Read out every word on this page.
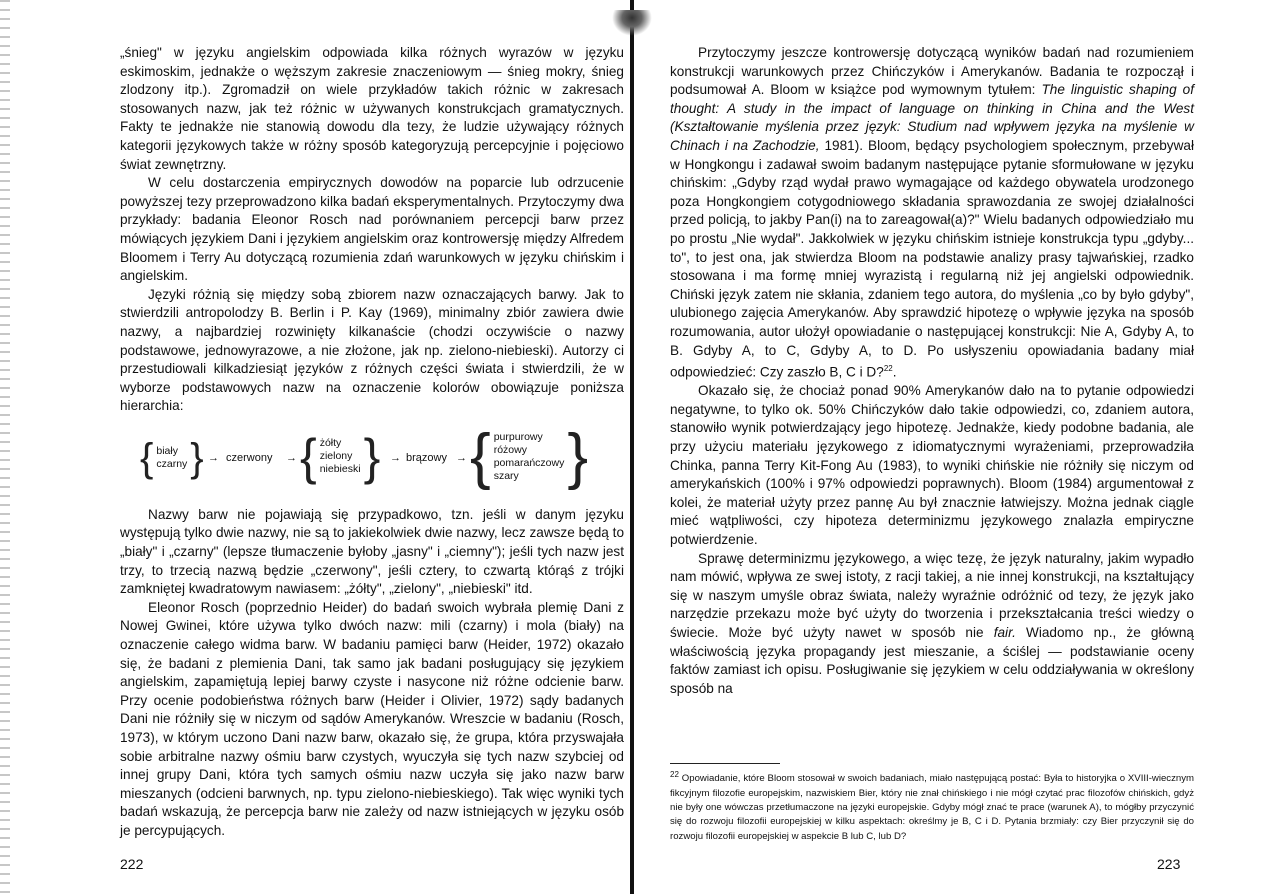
„śnieg" w języku angielskim odpowiada kilka różnych wyrazów w języku eskimoskim, jednakże o węższym zakresie znaczeniowym — śnieg mokry, śnieg zlodzony itp.). Zgromadził on wiele przykładów takich różnic w zakresach stosowanych nazw, jak też różnic w używanych konstrukcjach gramatycznych. Fakty te jednakże nie stanowią dowodu dla tezy, że ludzie używający różnych kategorii językowych także w różny sposób kategoryzują percepcyjnie i pojęciowo świat zewnętrzny.

W celu dostarczenia empirycznych dowodów na poparcie lub odrzucenie powyższej tezy przeprowadzono kilka badań eksperymentalnych. Przytoczymy dwa przykłady: badania Eleonor Rosch nad porównaniem percepcji barw przez mówiących językiem Dani i językiem angielskim oraz kontrowersję między Alfredem Bloomem i Terry Au dotyczącą rozumienia zdań warunkowych w języku chińskim i angielskim.

Języki różnią się między sobą zbiorem nazw oznaczających barwy. Jak to stwierdzili antropolodzy B. Berlin i P. Kay (1969), minimalny zbiór zawiera dwie nazwy, a najbardziej rozwinięty kilkanaście (chodzi oczywiście o nazwy podstawowe, jednowyrazowe, a nie złożone, jak np. zielono-niebieski). Autorzy ci przestudiowali kilkadziesiąt języków z różnych części świata i stwierdzili, że w wyborze podstawowych nazw na oznaczenie kolorów obowiązuje poniższa hierarchia:

{ biały
czarny } → czerwony → { żółty
zielony
niebieski } → brązowy → { purpurowy
różowy
pomarańczowy
szary }

Nazwy barw nie pojawiają się przypadkowo, tzn. jeśli w danym języku występują tylko dwie nazwy, nie są to jakiekolwiek dwie nazwy, lecz zawsze będą to „biały" i „czarny" (lepsze tłumaczenie byłoby „jasny" i „ciemny"); jeśli tych nazw jest trzy, to trzecią nazwą będzie „czerwony", jeśli cztery, to czwartą którąś z trójki zamkniętej kwadratowym nawiasem: „żółty", „zielony", „niebieski" itd.

Eleonor Rosch (poprzednio Heider) do badań swoich wybrała plemię Dani z Nowej Gwinei, które używa tylko dwóch nazw: mili (czarny) i mola (biały) na oznaczenie całego widma barw. W badaniu pamięci barw (Heider, 1972) okazało się, że badani z plemienia Dani, tak samo jak badani posługujący się językiem angielskim, zapamiętują lepiej barwy czyste i nasycone niż różne odcienie barw. Przy ocenie podobieństwa różnych barw (Heider i Olivier, 1972) sądy badanych Dani nie różniły się w niczym od sądów Amerykanów. Wreszcie w badaniu (Rosch, 1973), w którym uczono Dani nazw barw, okazało się, że grupa, która przyswajała sobie arbitralne nazwy ośmiu barw czystych, wyuczyła się tych nazw szybciej od innej grupy Dani, która tych samych ośmiu nazw uczyła się jako nazw barw mieszanych (odcieni barwnych, np. typu zielono-niebieskiego). Tak więc wyniki tych badań wskazują, że percepcja barw nie zależy od nazw istniejących w języku osób je percypujących.

222

Przytoczymy jeszcze kontrowersję dotyczącą wyników badań nad rozumieniem konstrukcji warunkowych przez Chińczyków i Amerykanów. Badania te rozpoczął i podsumował A. Bloom w książce pod wymownym tytułem: The linguistic shaping of thought: A study in the impact of language on thinking in China and the West (Kształtowanie myślenia przez język: Studium nad wpływem języka na myślenie w Chinach i na Zachodzie, 1981). Bloom, będący psychologiem społecznym, przebywał w Hongkongu i zadawał swoim badanym następujące pytanie sformułowane w języku chińskim: „Gdyby rząd wydał prawo wymagające od każdego obywatela urodzonego poza Hongkongiem cotygodniowego składania sprawozdania ze swojej działalności przed policją, to jakby Pan(i) na to zareagował(a)?" Wielu badanych odpowiedziało mu po prostu „Nie wydał". Jakkolwiek w języku chińskim istnieje konstrukcja typu „gdyby... to", to jest ona, jak stwierdza Bloom na podstawie analizy prasy tajwańskiej, rzadko stosowana i ma formę mniej wyrazistą i regularną niż jej angielski odpowiednik. Chiński język zatem nie skłania, zdaniem tego autora, do myślenia „co by było gdyby", ulubionego zajęcia Amerykanów. Aby sprawdzić hipotezę o wpływie języka na sposób rozumowania, autor ułożył opowiadanie o następującej konstrukcji: Nie A, Gdyby A, to B. Gdyby A, to C, Gdyby A, to D. Po usłyszeniu opowiadania badany miał odpowiedzieć: Czy zaszło B, C i D?$^{22}$.

Okazało się, że chociaż ponad 90% Amerykanów dało na to pytanie odpowiedzi negatywne, to tylko ok. 50% Chińczyków dało takie odpowiedzi, co, zdaniem autora, stanowiło wynik potwierdzający jego hipotezę. Jednakże, kiedy podobne badania, ale przy użyciu materiału językowego z idiomatycznymi wyrażeniami, przeprowadziła Chinka, panna Terry Kit-Fong Au (1983), to wyniki chińskie nie różniły się niczym od amerykańskich (100% i 97% odpowiedzi poprawnych). Bloom (1984) argumentował z kolei, że materiał użyty przez pannę Au był znacznie łatwiejszy. Można jednak ciągle mieć wątpliwości, czy hipoteza determinizmu językowego znalazła empiryczne potwierdzenie.

Sprawę determinizmu językowego, a więc tezę, że język naturalny, jakim wypadło nam mówić, wpływa ze swej istoty, z racji takiej, a nie innej konstrukcji, na kształtujący się w naszym umyśle obraz świata, należy wyraźnie odróżnić od tezy, że język jako narzędzie przekazu może być użyty do tworzenia i przekształcania treści wiedzy o świecie. Może być użyty nawet w sposób nie fair. Wiadomo np., że główną właściwością języka propagandy jest mieszanie, a ściślej — podstawianie oceny faktów zamiast ich opisu. Posługiwanie się językiem w celu oddziaływania w określony sposób na

$^{22}$ Opowiadanie, które Bloom stosował w swoich badaniach, miało następującą postać: Była to historyjka o XVIII-wiecznym fikcyjnym filozofie europejskim, nazwiskiem Bier, który nie znał chińskiego i nie mógł czytać prac filozofów chińskich, gdyż nie były one wówczas przetłumaczone na języki europejskie. Gdyby mógł znać te prace (warunek A), to mógłby przyczynić się do rozwoju filozofii europejskiej w kilku aspektach: określmy je B, C i D. Pytania brzmiały: czy Bier przyczynił się do rozwoju filozofii europejskiej w aspekcie B lub C, lub D?
223
